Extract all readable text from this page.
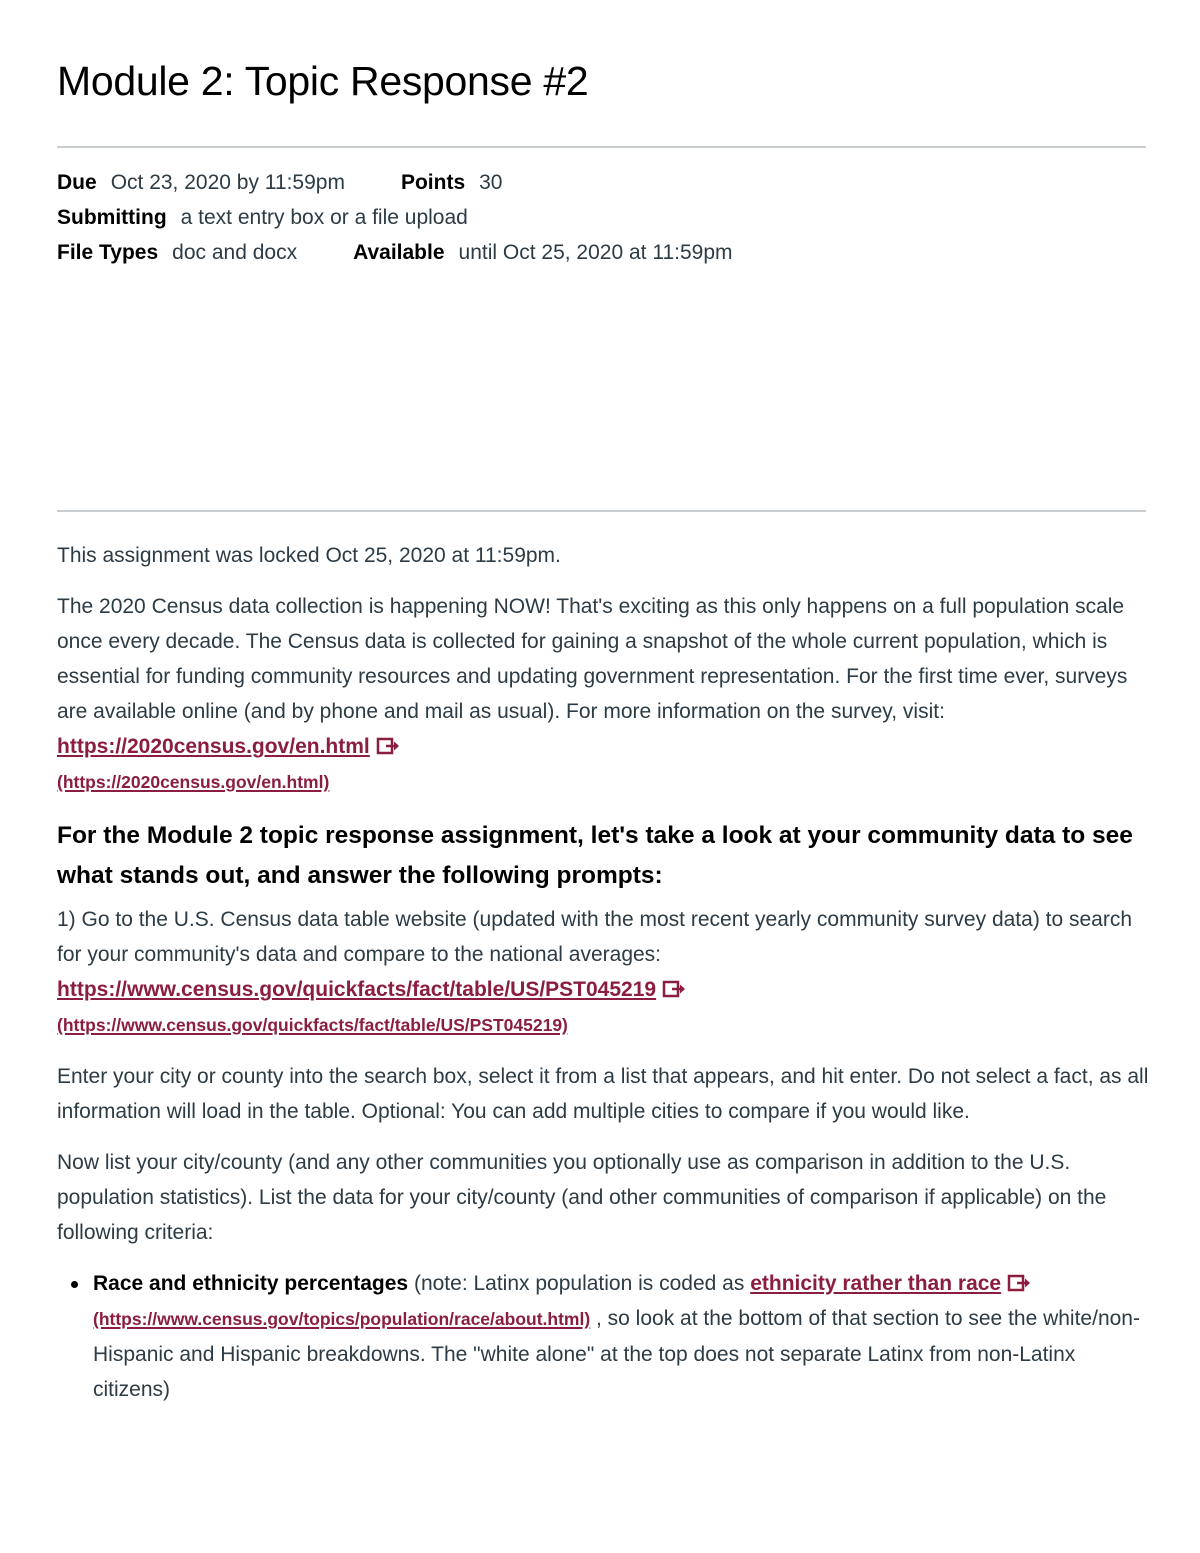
Module 2: Topic Response #2
Due Oct 23, 2020 by 11:59pm	Points 30
Submitting a text entry box or a file upload
File Types doc and docx	Available until Oct 25, 2020 at 11:59pm

This assignment was locked Oct 25, 2020 at 11:59pm.

The 2020 Census data collection is happening NOW! That's exciting as this only happens on a full population scale once every decade. The Census data is collected for gaining a snapshot of the whole current population, which is essential for funding community resources and updating government representation. For the first time ever, surveys are available online (and by phone and mail as usual). For more information on the survey, visit: https://2020census.gov/en.html

(https://2020census.gov/en.html)

For the Module 2 topic response assignment, let's take a look at your community data to see what stands out, and answer the following prompts:

1) Go to the U.S. Census data table website (updated with the most recent yearly community survey data) to search for your community's data and compare to the national averages:
https://www.census.gov/quickfacts/fact/table/US/PST045219

(https://www.census.gov/quickfacts/fact/table/US/PST045219)

Enter your city or county into the search box, select it from a list that appears, and hit enter. Do not select a fact, as all information will load in the table. Optional: You can add multiple cities to compare if you would like.

Now list your city/county (and any other communities you optionally use as comparison in addition to the U.S. population statistics). List the data for your city/county (and other communities of comparison if applicable) on the following criteria:

Race and ethnicity percentages (note: Latinx population is coded as ethnicity rather than race

(https://www.census.gov/topics/population/race/about.html) , so look at the bottom of that section to see the white/non-Hispanic and Hispanic breakdowns. The "white alone" at the top does not separate Latinx from non-Latinx citizens)
